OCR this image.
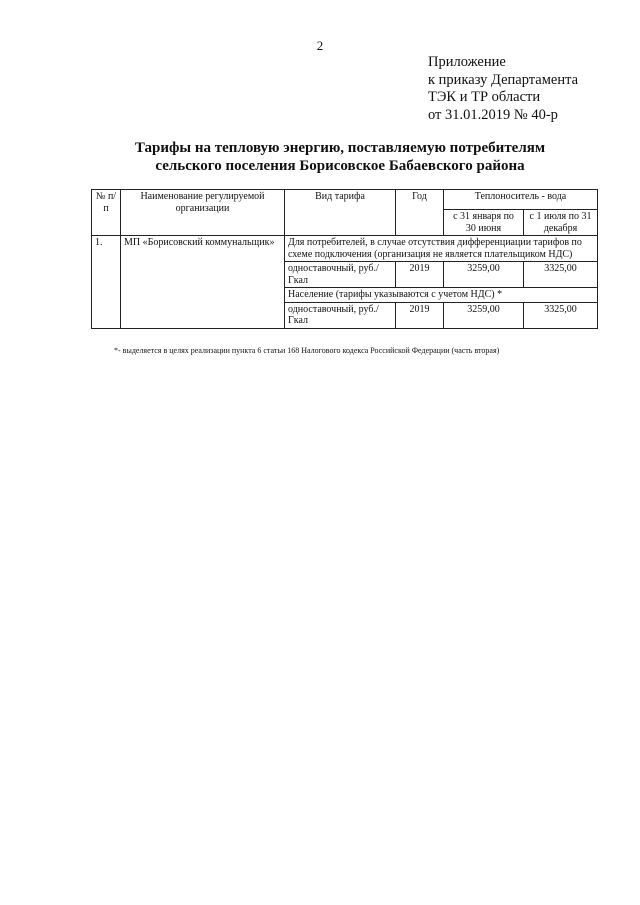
2
Приложение
к приказу Департамента
ТЭК и ТР области
от 31.01.2019 № 40-р
Тарифы на тепловую энергию, поставляемую потребителям
сельского поселения Борисовское Бабаевского района
№ п/п	Наименование регулируемой организации	Вид тарифа	Год	Теплоноситель - вода	
				с 31 января по 30 июня	с 1 июля по 31 декабря
1.	МП «Борисовский коммунальщик»	Для потребителей, в случае отсутствия дифференциации тарифов по схеме подключения (организация не является плательщиком НДС)			
		одноставочный, руб./Гкал	2019	3259,00	3325,00
		Население (тарифы указываются с учетом НДС) *			
		одноставочный, руб./Гкал	2019	3259,00	3325,00
*- выделяется в целях реализации пункта 6 статьи 168 Налогового кодекса Российской Федерации (часть вторая)
